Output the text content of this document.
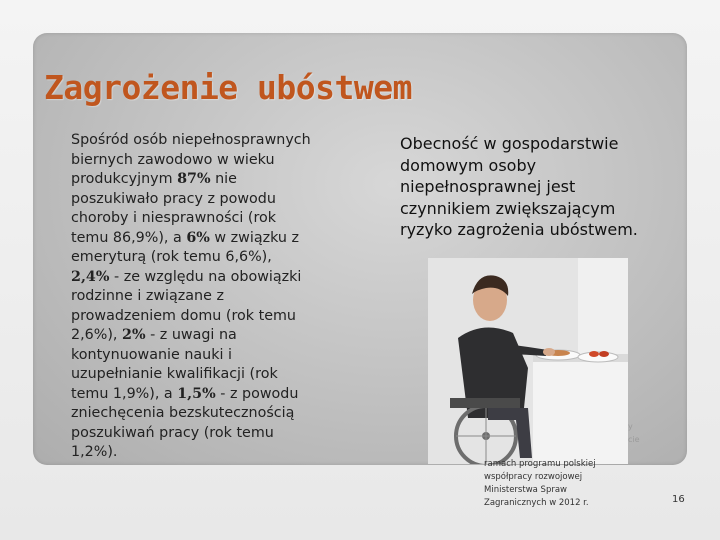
Zagrożenie ubóstwem
Spośród osób niepełnosprawnych
biernych zawodowo w wieku
produkcyjnym 87% nie
poszukiwało pracy z powodu
choroby i niesprawności (rok
temu 86,9%), a 6% w związku z
emeryturą (rok temu 6,6%),
2,4% - ze względu na obowiązki
rodzinne i związane z
prowadzeniem domu (rok temu
2,6%), 2% - z uwagi na
kontynuowanie nauki i
uzupełnianie kwalifikacji (rok
temu 1,9%), a 1,5% - z powodu
zniechęcenia bezskutecznością
poszukiwań pracy (rok temu
1,2%).
Obecność w gospodarstwie
domowym osoby
niepełnosprawnej jest
czynnikiem zwiększającym
ryzyko zagrożenia ubóstwem.
y
cie
ramach programu polskiej
współpracy rozwojowej
Ministerstwa Spraw
Zagranicznych w 2012 r.	16
